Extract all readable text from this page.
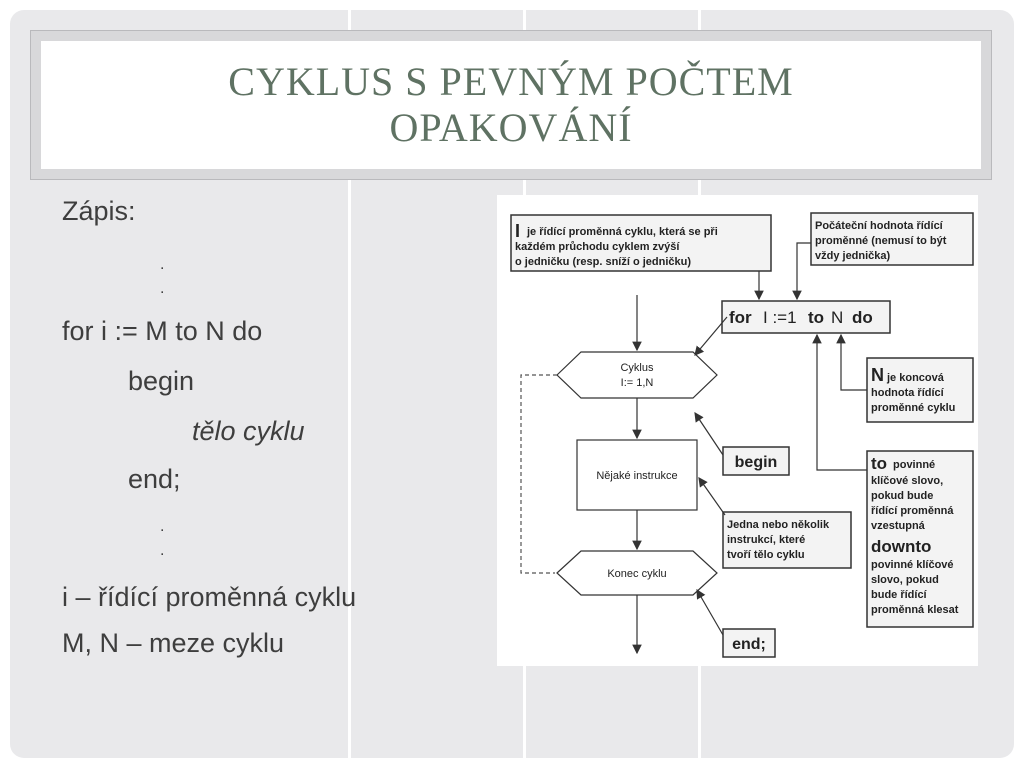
CYKLUS S PEVNÝM POČTEM
OPAKOVÁNÍ
Zápis:
.
.
for i := M to N do
begin
tělo cyklu
end;
.
.
i – řídící proměnná cyklu
M, N – meze cyklu
I je řídící proměnná cyklu, která se při
každém průchodu cyklem zvýší
o jedničku (resp. sníží o jedničku)
Počáteční hodnota řídící
proměnné (nemusí to být
vždy jednička)
for I :=1 to N do
Cyklus
I:= 1,N
Nějaké instrukce
Konec cyklu
N je koncová
hodnota řídící
proměnné cyklu
begin	to povinné
klíčové slovo,
pokud bude
řídící proměnná
vzestupná
downto
povinné klíčové
slovo, pokud
bude řídící
proměnná klesat
Jedna nebo několik
instrukcí, které
tvoří tělo cyklu
end;
